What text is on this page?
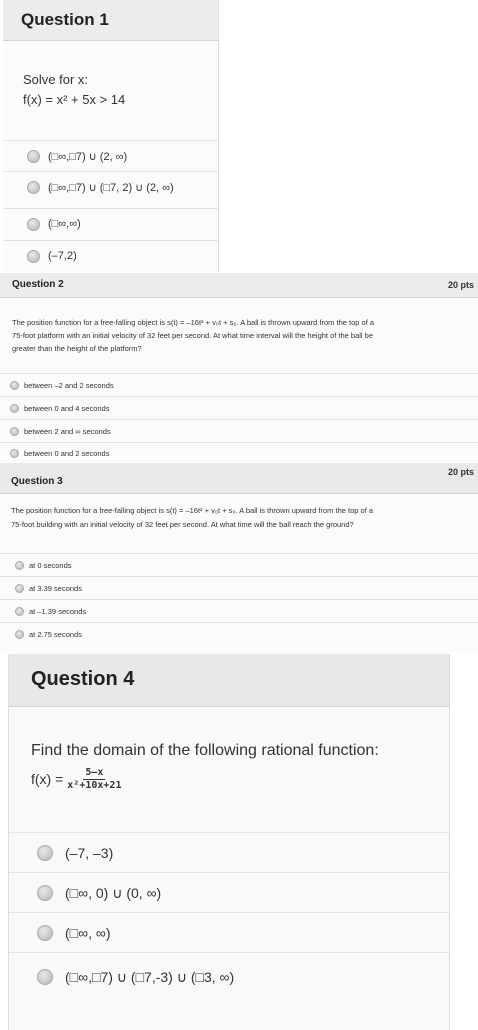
Question 1
Solve for x:
f(x) = x² + 5x > 14
(□∞,□7) ∪ (2, ∞)
(□∞,□7) ∪ (□7, 2) ∪ (2, ∞)
(□∞,∞)
(–7,2)
Question 2	20 pts
The position function for a free-falling object is s(t) = –16t² + v₀t + s₀. A ball is thrown upward from the top of a
75-foot platform with an initial velocity of 32 feet per second. At what time interval will the height of the ball be
greater than the height of the platform?
between –2 and 2 seconds
between 0 and 4 seconds
between 2 and ∞ seconds
between 0 and 2 seconds
Question 3
20 pts
The position function for a free-falling object is s(t) = –16t² + v₀t + s₀. A ball is thrown upward from the top of a
75-foot building with an initial velocity of 32 feet per second. At what time will the ball reach the ground?
at 0 seconds
at 3.39 seconds
at –1.39 seconds
at 2.75 seconds
Question 4
Find the domain of the following rational function:
$f(x) = \frac{5-x}{\text{x²+10x+21}}$
(–7, –3)
(□∞, 0) ∪ (0, ∞)
(□∞, ∞)
(□∞,□7) ∪ (□7,-3) ∪ (□3, ∞)
